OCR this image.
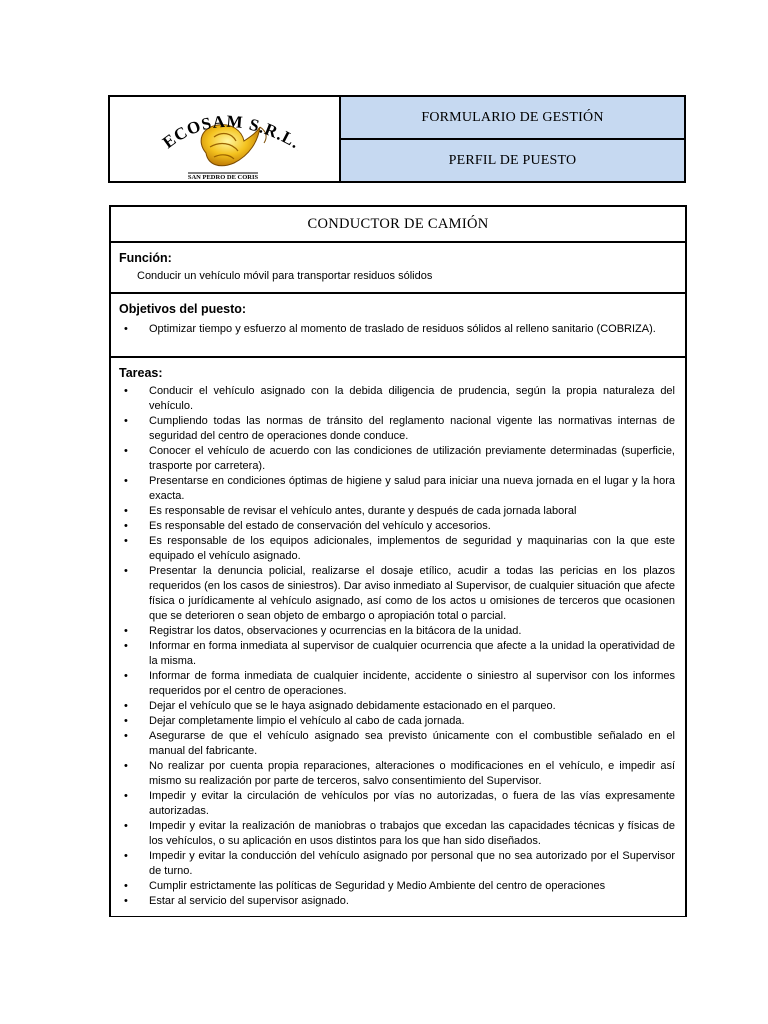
ECOSAM S.R.L.
SAN PEDRO DE CORIS
FORMULARIO DE GESTIÓN
PERFIL DE PUESTO
CONDUCTOR DE CAMIÓN
Función:
Conducir un vehículo móvil para transportar residuos sólidos
Objetivos del puesto:
• Optimizar tiempo y esfuerzo al momento de traslado de residuos sólidos al relleno sanitario (COBRIZA).
Tareas:
• Conducir el vehículo asignado con la debida diligencia de prudencia, según la propia naturaleza del vehículo.
• Cumpliendo todas las normas de tránsito del reglamento nacional vigente las normativas internas de seguridad del centro de operaciones donde conduce.
• Conocer el vehículo de acuerdo con las condiciones de utilización previamente determinadas (superficie, trasporte por carretera).
• Presentarse en condiciones óptimas de higiene y salud para iniciar una nueva jornada en el lugar y la hora exacta.
• Es responsable de revisar el vehículo antes, durante y después de cada jornada laboral
• Es responsable del estado de conservación del vehículo y accesorios.
• Es responsable de los equipos adicionales, implementos de seguridad y maquinarias con la que este equipado el vehículo asignado.
• Presentar la denuncia policial, realizarse el dosaje etílico, acudir a todas las pericias en los plazos requeridos (en los casos de siniestros). Dar aviso inmediato al Supervisor, de cualquier situación que afecte física o jurídicamente al vehículo asignado, así como de los actos u omisiones de terceros que ocasionen que se deterioren o sean objeto de embargo o apropiación total o parcial.
• Registrar los datos, observaciones y ocurrencias en la bitácora de la unidad.
• Informar en forma inmediata al supervisor de cualquier ocurrencia que afecte a la unidad la operatividad de la misma.
• Informar de forma inmediata de cualquier incidente, accidente o siniestro al supervisor con los informes requeridos por el centro de operaciones.
• Dejar el vehículo que se le haya asignado debidamente estacionado en el parqueo.
• Dejar completamente limpio el vehículo al cabo de cada jornada.
• Asegurarse de que el vehículo asignado sea previsto únicamente con el combustible señalado en el manual del fabricante.
• No realizar por cuenta propia reparaciones, alteraciones o modificaciones en el vehículo, e impedir así mismo su realización por parte de terceros, salvo consentimiento del Supervisor.
• Impedir y evitar la circulación de vehículos por vías no autorizadas, o fuera de las vías expresamente autorizadas.
• Impedir y evitar la realización de maniobras o trabajos que excedan las capacidades técnicas y físicas de los vehículos, o su aplicación en usos distintos para los que han sido diseñados.
• Impedir y evitar la conducción del vehículo asignado por personal que no sea autorizado por el Supervisor de turno.
• Cumplir estrictamente las políticas de Seguridad y Medio Ambiente del centro de operaciones
• Estar al servicio del supervisor asignado.
